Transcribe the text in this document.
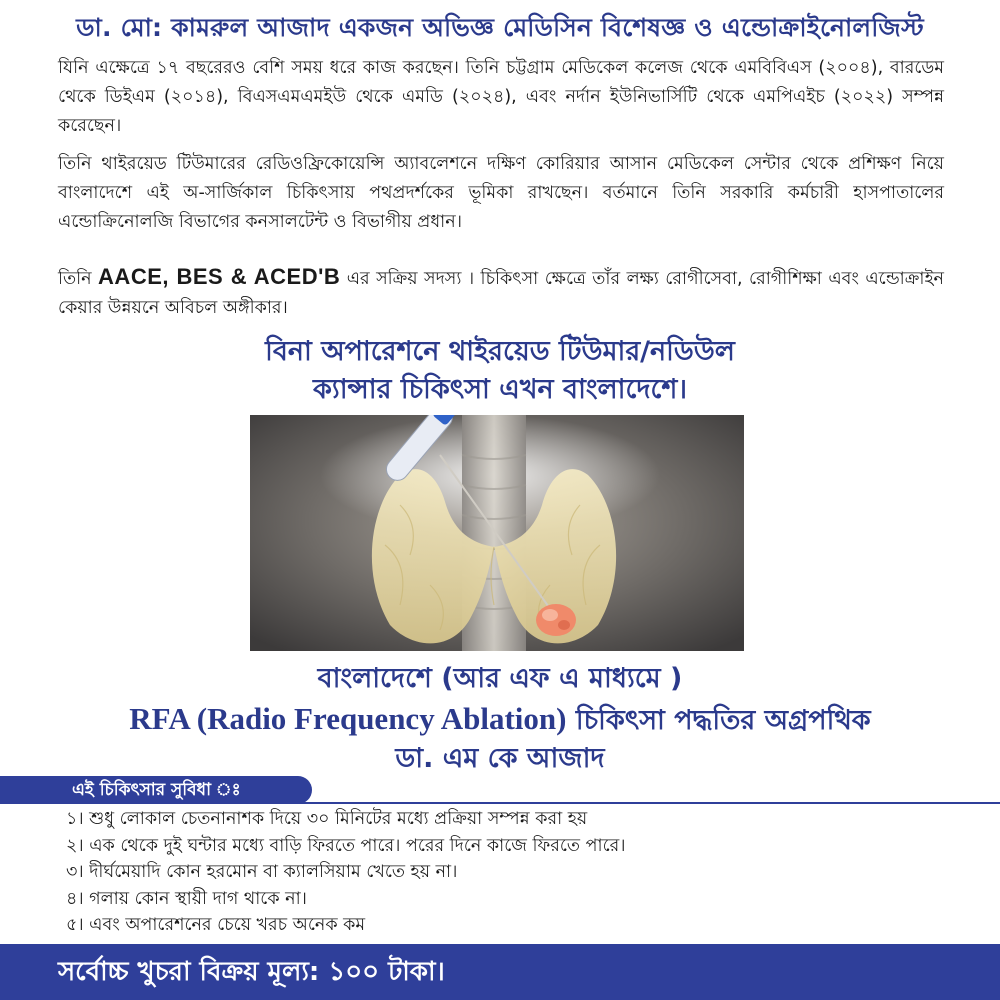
ডা. মো: কামরুল আজাদ একজন অভিজ্ঞ মেডিসিন বিশেষজ্ঞ ও এন্ডোক্রাইনোলজিস্ট
যিনি এক্ষেত্রে ১৭ বছরেরও বেশি সময় ধরে কাজ করছেন। তিনি চট্টগ্রাম মেডিকেল কলেজ থেকে এমবিবিএস (২০০৪), বারডেম থেকে ডিইএম (২০১৪), বিএসএমএমইউ থেকে এমডি (২০২৪), এবং নর্দান ইউনিভার্সিটি থেকে এমপিএইচ (২০২২) সম্পন্ন করেছেন।
তিনি থাইরয়েড টিউমারের রেডিওফ্রিকোয়েন্সি অ্যাবলেশনে দক্ষিণ কোরিয়ার আসান মেডিকেল সেন্টার থেকে প্রশিক্ষণ নিয়ে বাংলাদেশে এই অ-সার্জিকাল চিকিৎসায় পথপ্রদর্শকের ভূমিকা রাখছেন। বর্তমানে তিনি সরকারি কর্মচারী হাসপাতালের এন্ডোক্রিনোলজি বিভাগের কনসালটেন্ট ও বিভাগীয় প্রধান।
তিনি AACE, BES & ACED'B এর সক্রিয় সদস্য । চিকিৎসা ক্ষেত্রে তাঁর লক্ষ্য রোগীসেবা, রোগীশিক্ষা এবং এন্ডোক্রাইন কেয়ার উন্নয়নে অবিচল অঙ্গীকার।
বিনা অপারেশনে থাইরয়েড টিউমার/নডিউল
ক্যান্সার চিকিৎসা এখন বাংলাদেশে।
বাংলাদেশে (আর এফ এ মাধ্যমে )
RFA (Radio Frequency Ablation) চিকিৎসা পদ্ধতির অগ্রপথিক
ডা. এম কে আজাদ
এই চিকিৎসার সুবিধা ঃ
১। শুধু লোকাল চেতনানাশক দিয়ে ৩০ মিনিটের মধ্যে প্রক্রিয়া সম্পন্ন করা হয়
২। এক থেকে দুই ঘন্টার মধ্যে বাড়ি ফিরতে পারে। পরের দিনে কাজে ফিরতে পারে।
৩। দীর্ঘমেয়াদি কোন হরমোন বা ক্যালসিয়াম খেতে হয় না।
৪। গলায় কোন স্থায়ী দাগ থাকে না।
৫। এবং অপারেশনের চেয়ে খরচ অনেক কম
সর্বোচ্চ খুচরা বিক্রয় মূল্য: ১০০ টাকা।
